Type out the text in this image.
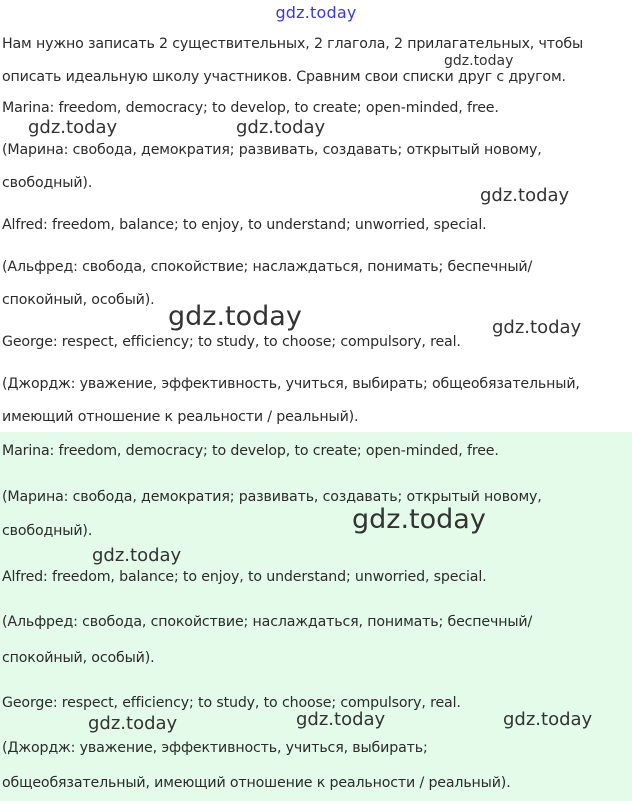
gdz.today
Нам нужно записать 2 существительных, 2 глагола, 2 прилагательных, чтобы
описать идеальную школу участников. Сравним свои списки друг с другом.
Marina: freedom, democracy; to develop, to create; open-minded, free.
(Марина: свобода, демократия; развивать, создавать; открытый новому,
свободный).
Alfred: freedom, balance; to enjoy, to understand; unworried, special.
(Альфред: свобода, спокойствие; наслаждаться, понимать; беспечный/
спокойный, особый).
George: respect, efficiency; to study, to choose; compulsory, real.
(Джордж: уважение, эффективность, учиться, выбирать; общеобязательный,
имеющий отношение к реальности / реальный).
Marina: freedom, democracy; to develop, to create; open-minded, free.
(Марина: свобода, демократия; развивать, создавать; открытый новому,
свободный).
Alfred: freedom, balance; to enjoy, to understand; unworried, special.
(Альфред: свобода, спокойствие; наслаждаться, понимать; беспечный/
спокойный, особый).
George: respect, efficiency; to study, to choose; compulsory, real.
(Джордж: уважение, эффективность, учиться, выбирать;
общеобязательный, имеющий отношение к реальности / реальный).
gdz.today
gdz.today	gdz.today
gdz.today
gdz.today	gdz.today
gdz.today
gdz.today
gdz.today	gdz.today	gdz.today
